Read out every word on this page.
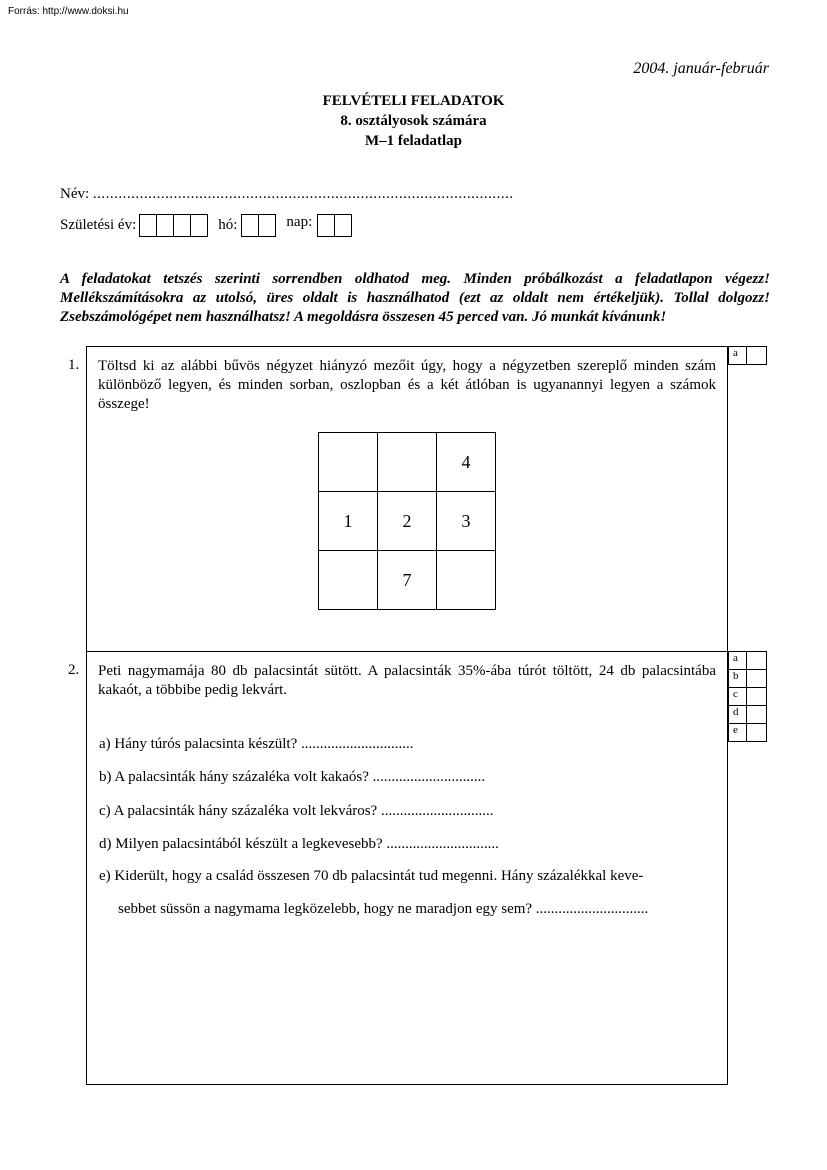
Forrás: http://www.doksi.hu
2004. január-február
FELVÉTELI FELADATOK
8. osztályosok számára
M–1 feladatlap
Név: ...................................................................................................
Születési év:	hó:	nap:
A feladatokat tetszés szerinti sorrendben oldhatod meg. Minden próbálkozást a feladatlapon végezz! Mellékszámításokra az utolsó, üres oldalt is használhatod (ezt az oldalt nem értékeljük). Tollal dolgozz! Zsebszámológépet nem használhatsz! A megoldásra összesen 45 perced van. Jó munkát kívánunk!
1. Töltsd ki az alábbi bűvös négyzet hiányzó mezőit úgy, hogy a négyzetben szereplő minden szám különböző legyen, és minden sorban, oszlopban és a két átlóban is ugyanannyi legyen a számok összege!
		4
1	2	3
	7	
a	
2. Peti nagymamája 80 db palacsintát sütött. A palacsinták 35%-ába túrót töltött, 24 db palacsintába kakaót, a többibe pedig lekvárt.
a) Hány túrós palacsinta készült? ..............................
b) A palacsinták hány százaléka volt kakaós? ..............................
c) A palacsinták hány százaléka volt lekváros? ..............................
d) Milyen palacsintából készült a legkevesebb? ..............................
e) Kiderült, hogy a család összesen 70 db palacsintát tud megenni. Hány százalékkal keve-
sebbet süssön a nagymama legközelebb, hogy ne maradjon egy sem? ..............................
a	
b	
c	
d	
e	
